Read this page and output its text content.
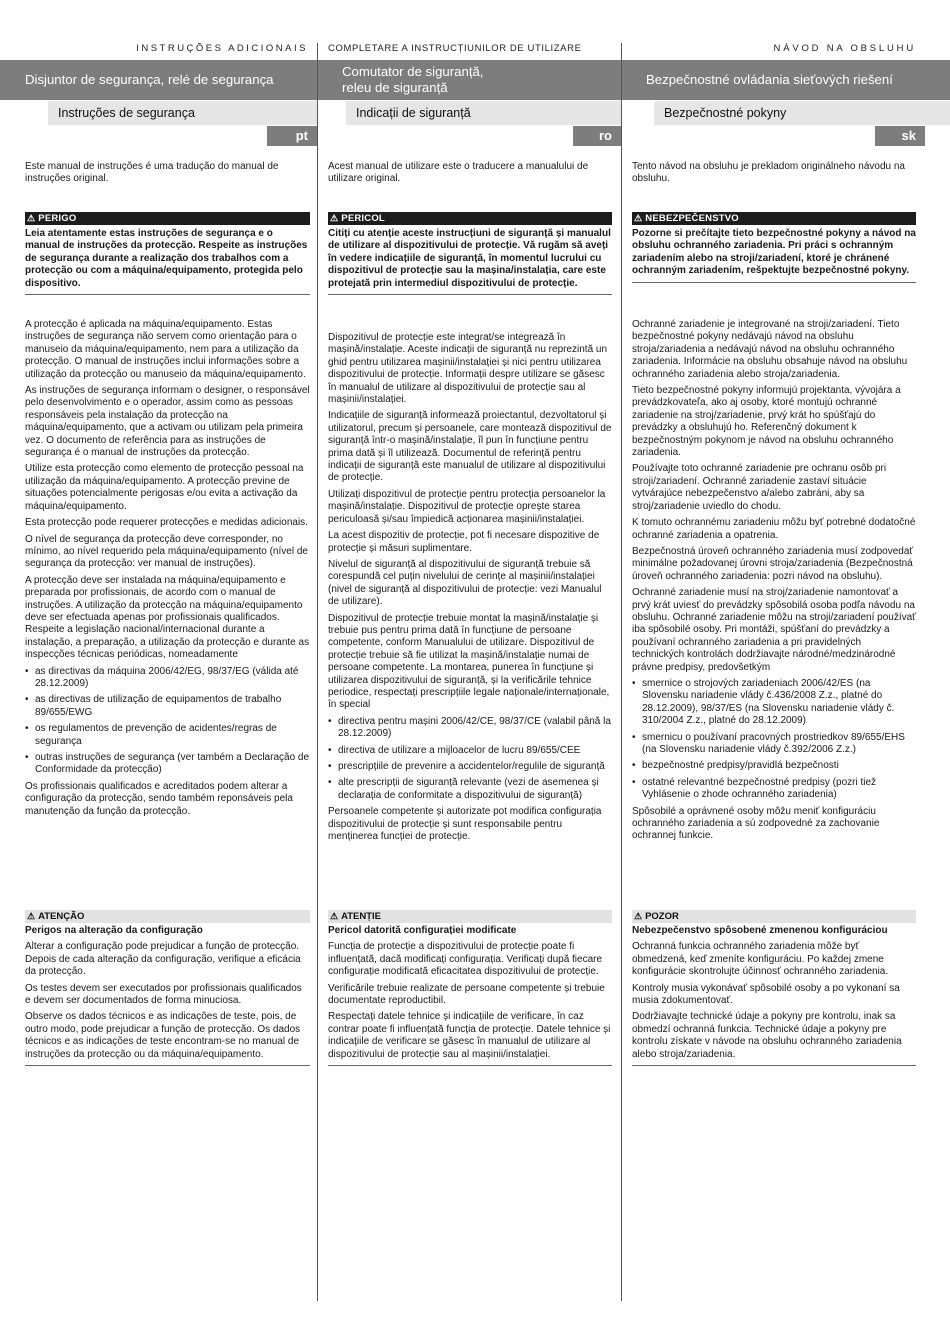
Disjuntor de segurança, relé de segurança
Comutator de siguranță,
releu de siguranță
Bezpečnostné ovládania sieťových riešení
Instruções de segurança	Indicații de siguranță	Bezpečnostné pokyny
pt	ro	sk
INSTRUÇÕES ADICIONAIS
Este manual de instruções é uma tradução do manual de instruções original.
⚠ PERIGO
Leia atentamente estas instruções de segurança e o manual de instruções da protecção. Respeite as instruções de segurança durante a realização dos trabalhos com a protecção ou com a máquina/equipamento, protegida pelo dispositivo.

A protecção é aplicada na máquina/equipamento. Estas instruções de segurança não servem como orientação para o manuseio da máquina/equipamento, nem para a utilização da protecção. O manual de instruções inclui informações sobre a utilização da protecção ou manuseio da máquina/equipamento.

As instruções de segurança informam o designer, o responsável pelo desenvolvimento e o operador, assim como as pessoas responsáveis pela instalação da protecção na máquina/equipamento, que a activam ou utilizam pela primeira vez. O documento de referência para as instruções de segurança é o manual de instruções da protecção.

Utilize esta protecção como elemento de protecção pessoal na utilização da máquina/equipamento. A protecção previne de situações potencialmente perigosas e/ou evita a activação da máquina/equipamento.

Esta protecção pode requerer protecções e medidas adicionais.

O nível de segurança da protecção deve corresponder, no mínimo, ao nível requerido pela máquina/equipamento (nível de segurança da protecção: ver manual de instruções).

A protecção deve ser instalada na máquina/equipamento e preparada por profissionais, de acordo com o manual de instruções. A utilização da protecção na máquina/equipamento deve ser efectuada apenas por profissionais qualificados. Respeite a legislação nacional/internacional durante a instalação, a preparação, a utilização da protecção e durante as inspecções técnicas periódicas, nomeadamente

• as directivas da máquina 2006/42/EG, 98/37/EG (válida até 28.12.2009)
• as directivas de utilização de equipamentos de trabalho 89/655/EWG
• os regulamentos de prevenção de acidentes/regras de segurança
• outras instruções de segurança (ver também a Declaração de Conformidade da protecção)

Os profissionais qualificados e acreditados podem alterar a configuração da protecção, sendo também reponsáveis pela manutenção da função da protecção.

⚠ ATENÇÃO
Perigos na alteração da configuração

Alterar a configuração pode prejudicar a função de protecção. Depois de cada alteração da configuração, verifique a eficácia da protecção.

Os testes devem ser executados por profissionais qualificados e devem ser documentados de forma minuciosa.

Observe os dados técnicos e as indicações de teste, pois, de outro modo, pode prejudicar a função de protecção. Os dados técnicos e as indicações de teste encontram-se no manual de instruções da protecção ou da máquina/equipamento.

COMPLETARE A INSTRUCȚIUNILOR DE UTILIZARE
Acest manual de utilizare este o traducere a manualului de utilizare original.
⚠ PERICOL
Citiți cu atenție aceste instrucțiuni de siguranță și manualul de utilizare al dispozitivului de protecție. Vă rugăm să aveți în vedere indicațiile de siguranță, în momentul lucrului cu dispozitivul de protecție sau la mașina/instalația, care este protejată prin intermediul dispozitivului de protecție.

Dispozitivul de protecție este integrat/se integrează în mașină/instalație. Aceste indicații de siguranță nu reprezintă un ghid pentru utilizarea mașinii/instalației și nici pentru utilizarea dispozitivului de protecție. Informații despre utilizare se găsesc în manualul de utilizare al dispozitivului de protecție sau al mașinii/instalației.

Indicațiile de siguranță informează proiectantul, dezvoltatorul și utilizatorul, precum și persoanele, care montează dispozitivul de siguranță într-o mașină/instalație, îl pun în funcțiune pentru prima dată și îl utilizează. Documentul de referință pentru indicații de siguranță este manualul de utilizare al dispozitivului de protecție.

Utilizați dispozitivul de protecție pentru protecția persoanelor la mașină/instalație. Dispozitivul de protecție oprește starea periculoasă și/sau împiedică acționarea mașinii/instalației.

La acest dispozitiv de protecție, pot fi necesare dispozitive de protecție și măsuri suplimentare.

Nivelul de siguranță al dispozitivului de siguranță trebuie să corespundă cel puțin nivelului de cerințe al mașinii/instalației (nivel de siguranță al dispozitivului de protecție: vezi Manualul de utilizare).

Dispozitivul de protecție trebuie montat la mașină/instalație și trebuie pus pentru prima dată în funcțiune de persoane competente, conform Manualului de utilizare. Dispozitivul de protecție trebuie să fie utilizat la mașină/instalație numai de persoane competente. La montarea, punerea în funcțiune și utilizarea dispozitivului de siguranță, și la verificările tehnice periodice, respectați prescripțiile legale naționale/internaționale, în special

• directiva pentru mașini 2006/42/CE, 98/37/CE (valabil până la 28.12.2009)
• directiva de utilizare a mijloacelor de lucru 89/655/CEE
• prescripțiile de prevenire a accidentelor/regulile de siguranță
• alte prescripții de siguranță relevante (vezi de asemenea și declarația de conformitate a dispozitivului de siguranță)

Persoanele competente și autorizate pot modifica configurația dispozitivului de protecție și sunt responsabile pentru menținerea funcției de protecție.

⚠ ATENȚIE
Pericol datorită configurației modificate

Funcția de protecție a dispozitivului de protecție poate fi influențată, dacă modificați configurația. Verificați după fiecare configurație modificată eficacitatea dispozitivului de protecție.

Verificările trebuie realizate de persoane competente și trebuie documentate reproductibil.

Respectați datele tehnice și indicațiile de verificare, în caz contrar poate fi influențată funcția de protecție. Datele tehnice și indicațiile de verificare se găsesc în manualul de utilizare al dispozitivului de protecție sau al mașinii/instalației.

NÁVOD NA OBSLUHU
Tento návod na obsluhu je prekladom originálneho návodu na obsluhu.
⚠ NEBEZPEČENSTVO
Pozorne si prečítajte tieto bezpečnostné pokyny a návod na obsluhu ochranného zariadenia. Pri práci s ochranným zariadením alebo na stroji/zariadení, ktoré je chránené ochranným zariadením, rešpektujte bezpečnostné pokyny.

Ochranné zariadenie je integrované na stroji/zariadení. Tieto bezpečnostné pokyny nedávajú návod na obsluhu stroja/zariadenia a nedávajú návod na obsluhu ochranného zariadenia. Informácie na obsluhu obsahuje návod na obsluhu ochranného zariadenia alebo stroja/zariadenia.

Tieto bezpečnostné pokyny informujú projektanta, vývojára a prevádzkovateľa, ako aj osoby, ktoré montujú ochranné zariadenie na stroj/zariadenie, prvý krát ho spúšťajú do prevádzky a obsluhujú ho. Referenčný dokument k bezpečnostným pokynom je návod na obsluhu ochranného zariadenia.

Používajte toto ochranné zariadenie pre ochranu osôb pri stroji/zariadení. Ochranné zariadenie zastaví situácie vytvárajúce nebezpečenstvo a/alebo zabráni, aby sa stroj/zariadenie uviedlo do chodu.

K tomuto ochrannému zariadeniu môžu byť potrebné dodatočné ochranné zariadenia a opatrenia.

Bezpečnostná úroveň ochranného zariadenia musí zodpovedať minimálne požadovanej úrovni stroja/zariadenia (Bezpečnostná úroveň ochranného zariadenia: pozri návod na obsluhu).

Ochranné zariadenie musí na stroj/zariadenie namontovať a prvý krát uviesť do prevádzky spôsobilá osoba podľa návodu na obsluhu. Ochranné zariadenie môžu na stroji/zariadení používať iba spôsobilé osoby. Pri montáži, spúšťaní do prevádzky a používaní ochranného zariadenia a pri pravidelných technických kontrolách dodržiavajte národné/medzinárodné právne predpisy, predovšetkým

• smernice o strojových zariadeniach 2006/42/ES (na Slovensku nariadenie vlády č.436/2008 Z.z., platné do 28.12.2009), 98/37/ES (na Slovensku nariadenie vlády č. 310/2004 Z.z., platné do 28.12.2009)
• smernicu o používaní pracovných prostriedkov 89/655/EHS (na Slovensku nariadenie vlády č.392/2006 Z.z.)
• bezpečnostné predpisy/pravidlá bezpečnosti
• ostatné relevantné bezpečnostné predpisy (pozri tiež Vyhlásenie o zhode ochranného zariadenia)

Spôsobilé a oprávnené osoby môžu meniť konfiguráciu ochranného zariadenia a sú zodpovedné za zachovanie ochrannej funkcie.

⚠ POZOR
Nebezpečenstvo spôsobené zmenenou konfiguráciou

Ochranná funkcia ochranného zariadenia môže byť obmedzená, keď zmeníte konfiguráciu. Po každej zmene konfigurácie skontrolujte účinnosť ochranného zariadenia.

Kontroly musia vykonávať spôsobilé osoby a po vykonaní sa musia zdokumentovať.

Dodržiavajte technické údaje a pokyny pre kontrolu, inak sa obmedzí ochranná funkcia. Technické údaje a pokyny pre kontrolu získate v návode na obsluhu ochranného zariadenia alebo stroja/zariadenia.
